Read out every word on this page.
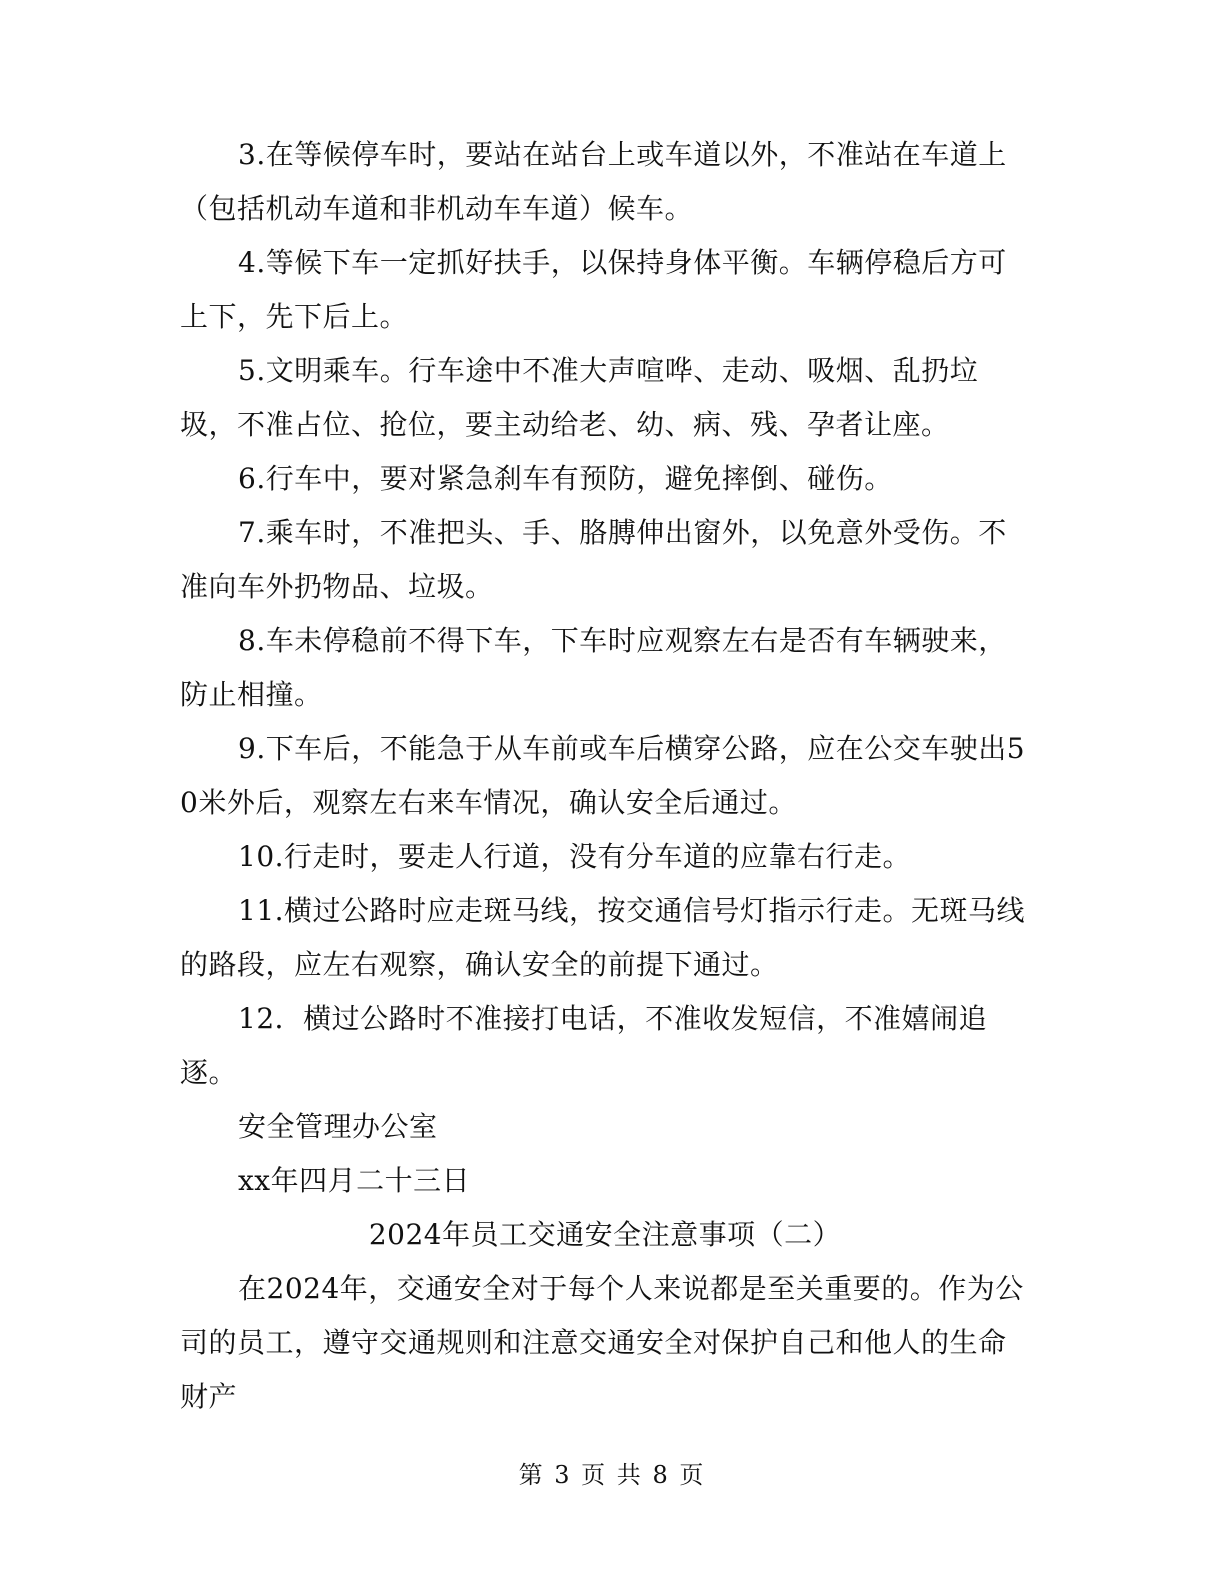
3.在等候停车时，要站在站台上或车道以外，不准站在车道上（包括机动车道和非机动车车道）候车。

4.等候下车一定抓好扶手，以保持身体平衡。车辆停稳后方可上下，先下后上。

5.文明乘车。行车途中不准大声喧哗、走动、吸烟、乱扔垃圾，不准占位、抢位，要主动给老、幼、病、残、孕者让座。

6.行车中，要对紧急刹车有预防，避免摔倒、碰伤。

7.乘车时，不准把头、手、胳膊伸出窗外，以免意外受伤。不准向车外扔物品、垃圾。

8.车未停稳前不得下车，下车时应观察左右是否有车辆驶来，防止相撞。

9.下车后，不能急于从车前或车后横穿公路，应在公交车驶出50米外后，观察左右来车情况，确认安全后通过。

10.行走时，要走人行道，没有分车道的应靠右行走。

11.横过公路时应走斑马线，按交通信号灯指示行走。无斑马线的路段，应左右观察，确认安全的前提下通过。

12．横过公路时不准接打电话，不准收发短信，不准嬉闹追逐。

安全管理办公室

xx年四月二十三日

2024年员工交通安全注意事项（二）

在2024年，交通安全对于每个人来说都是至关重要的。作为公司的员工，遵守交通规则和注意交通安全对保护自己和他人的生命财产

第 3 页 共 8 页
